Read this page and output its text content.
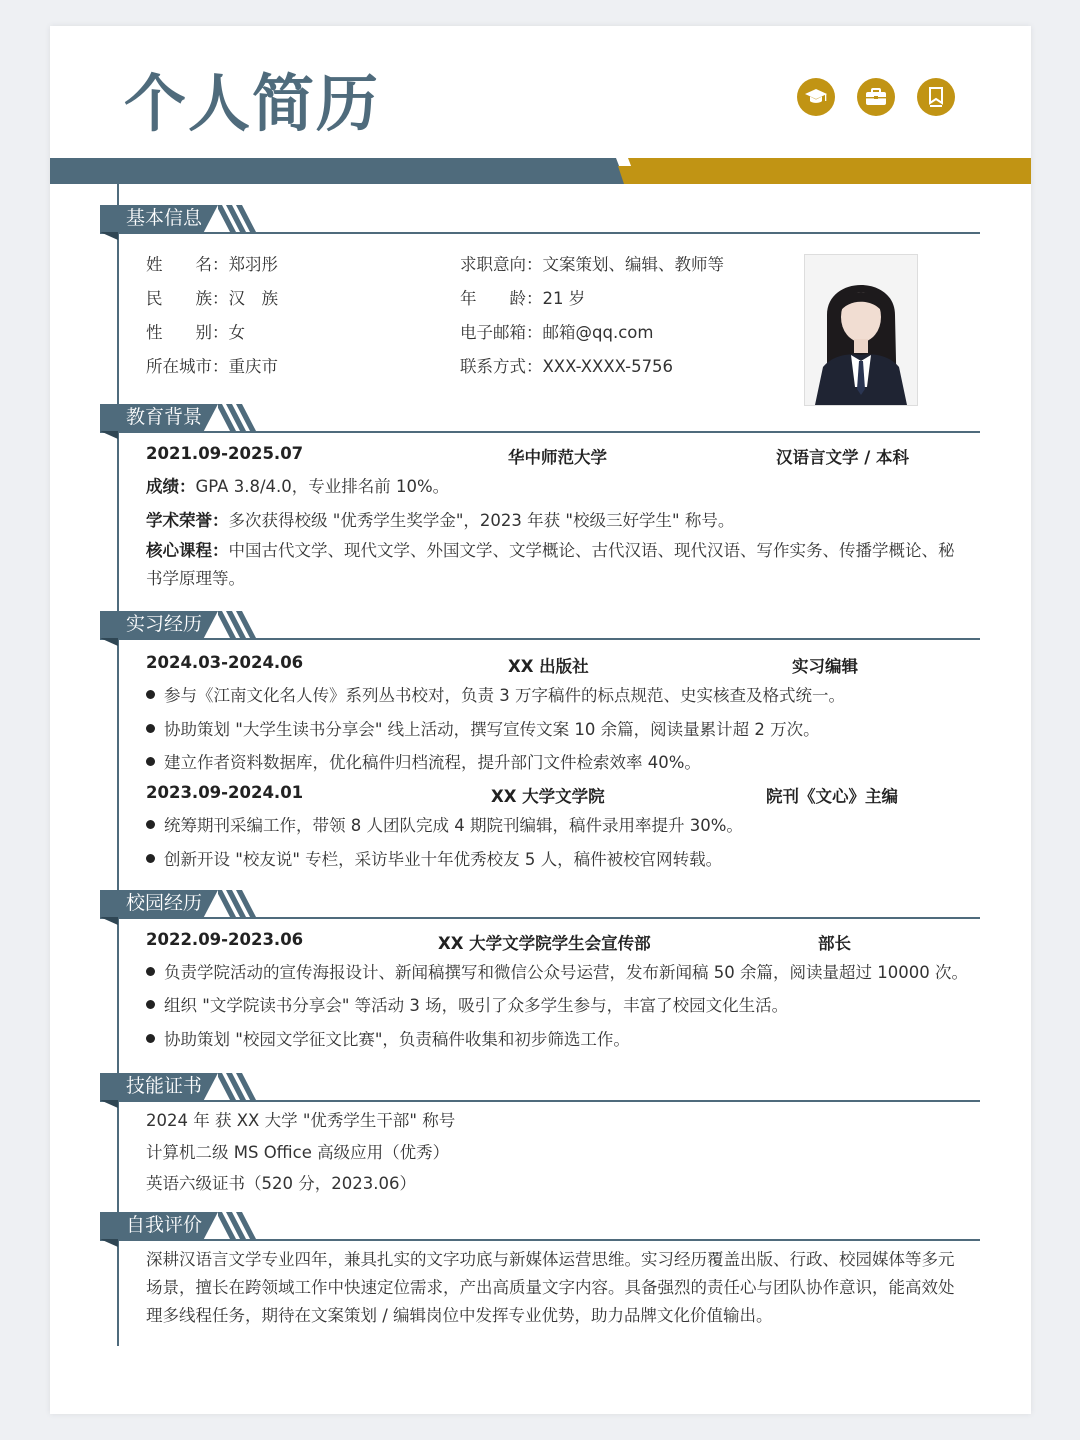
个人简历
基本信息
姓　　名：郑羽彤
民　　族：汉　族
性　　别：女
所在城市：重庆市
求职意向：文案策划、编辑、教师等
年　　龄：21 岁
电子邮箱：邮箱@qq.com
联系方式：XXX-XXXX-5756
教育背景
2021.09-2025.07	华中师范大学	汉语言文学 / 本科
成绩：GPA 3.8/4.0，专业排名前 10%。
学术荣誉：多次获得校级 "优秀学生奖学金"，2023 年获 "校级三好学生" 称号。
核心课程：中国古代文学、现代文学、外国文学、文学概论、古代汉语、现代汉语、写作实务、传播学概论、秘书学原理等。
实习经历
2024.03-2024.06	XX 出版社	实习编辑
参与《江南文化名人传》系列丛书校对，负责 3 万字稿件的标点规范、史实核查及格式统一。
协助策划 "大学生读书分享会" 线上活动，撰写宣传文案 10 余篇，阅读量累计超 2 万次。
建立作者资料数据库，优化稿件归档流程，提升部门文件检索效率 40%。
2023.09-2024.01	XX 大学文学院	院刊《文心》主编
统筹期刊采编工作，带领 8 人团队完成 4 期院刊编辑，稿件录用率提升 30%。
创新开设 "校友说" 专栏，采访毕业十年优秀校友 5 人，稿件被校官网转载。
校园经历
2022.09-2023.06	XX 大学文学院学生会宣传部	部长
负责学院活动的宣传海报设计、新闻稿撰写和微信公众号运营，发布新闻稿 50 余篇，阅读量超过 10000 次。
组织 "文学院读书分享会" 等活动 3 场，吸引了众多学生参与，丰富了校园文化生活。
协助策划 "校园文学征文比赛"，负责稿件收集和初步筛选工作。
技能证书
2024 年 获 XX 大学 "优秀学生干部" 称号
计算机二级 MS Office 高级应用（优秀）
英语六级证书（520 分，2023.06）
自我评价
深耕汉语言文学专业四年，兼具扎实的文字功底与新媒体运营思维。实习经历覆盖出版、行政、校园媒体等多元场景，擅长在跨领域工作中快速定位需求，产出高质量文字内容。具备强烈的责任心与团队协作意识，能高效处理多线程任务，期待在文案策划 / 编辑岗位中发挥专业优势，助力品牌文化价值输出。
